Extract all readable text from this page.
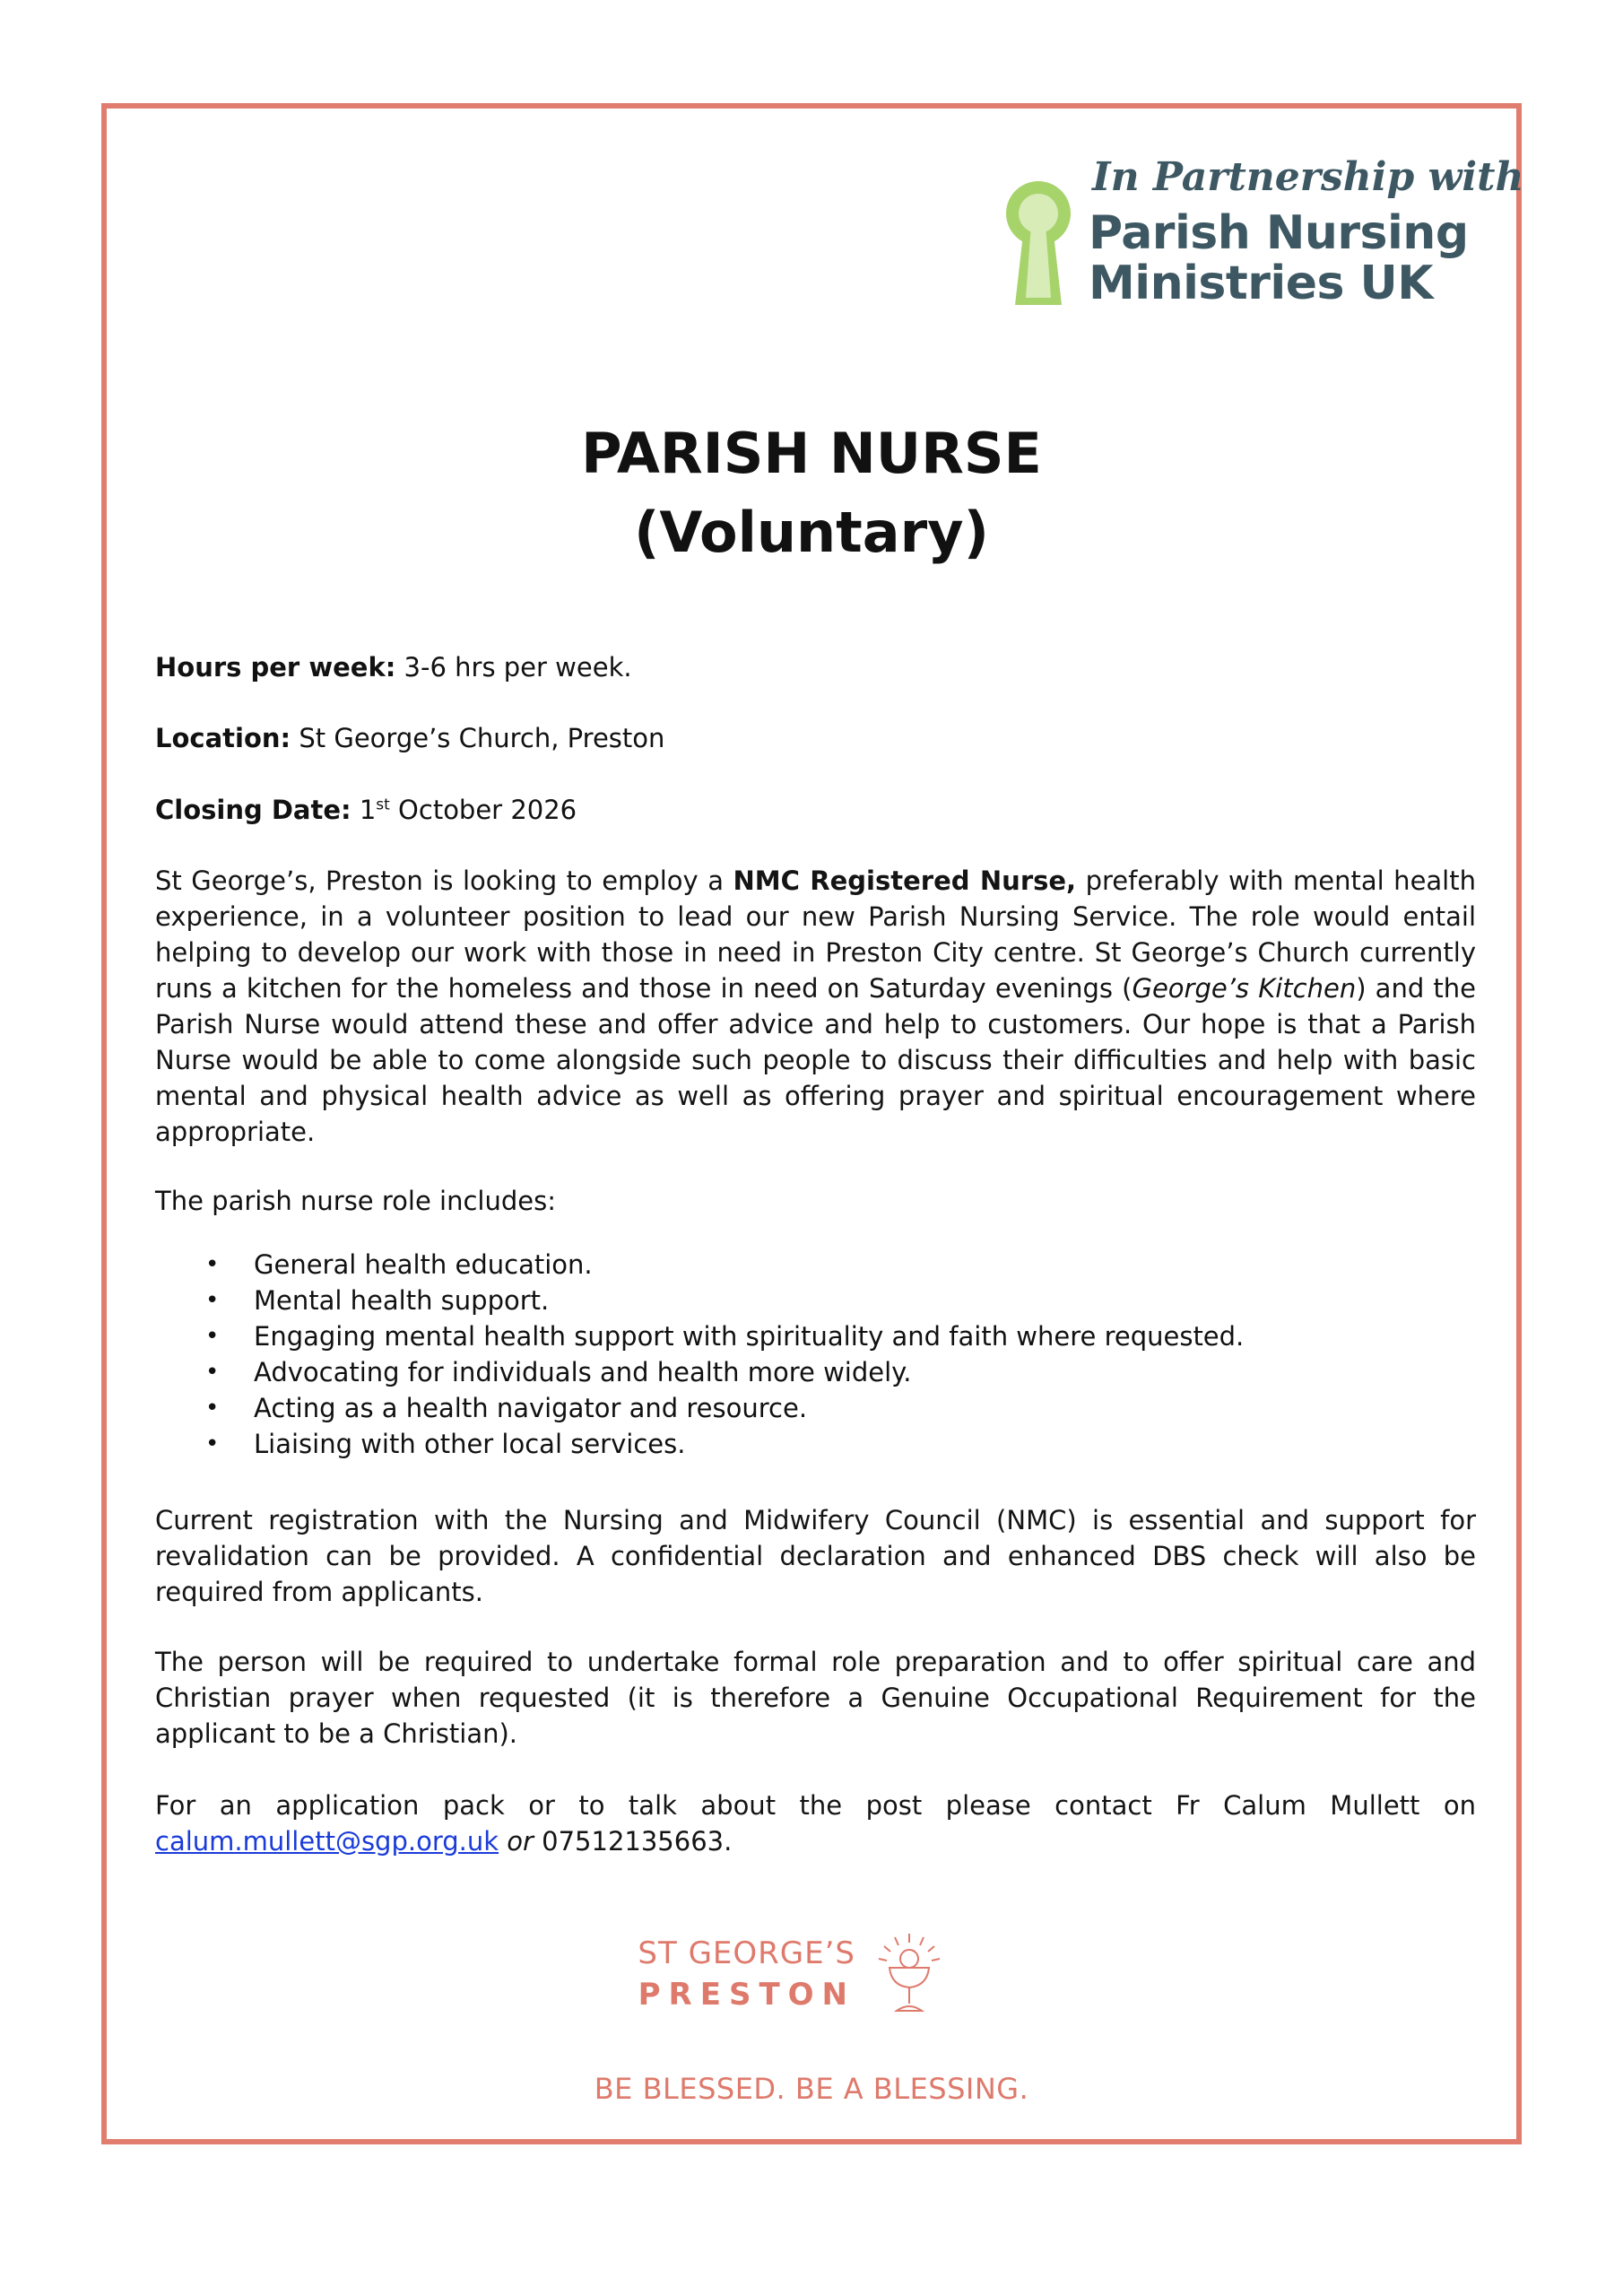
In Partnership with
Parish Nursing
Ministries UK
PARISH NURSE
(Voluntary)
Hours per week: 3-6 hrs per week.
Location: St George’s Church, Preston
Closing Date: 1st October 2026

St George’s, Preston is looking to employ a NMC Registered Nurse, preferably with mental health experience, in a volunteer position to lead our new Parish Nursing Service. The role would entail helping to develop our work with those in need in Preston City centre. St George’s Church currently runs a kitchen for the homeless and those in need on Saturday evenings (George’s Kitchen) and the Parish Nurse would attend these and offer advice and help to customers. Our hope is that a Parish Nurse would be able to come alongside such people to discuss their difficulties and help with basic mental and physical health advice as well as offering prayer and spiritual encouragement where appropriate.

The parish nurse role includes:
• General health education.
• Mental health support.
• Engaging mental health support with spirituality and faith where requested.
• Advocating for individuals and health more widely.
• Acting as a health navigator and resource.
• Liaising with other local services.

Current registration with the Nursing and Midwifery Council (NMC) is essential and support for revalidation can be provided. A confidential declaration and enhanced DBS check will also be required from applicants.

The person will be required to undertake formal role preparation and to offer spiritual care and Christian prayer when requested (it is therefore a Genuine Occupational Requirement for the applicant to be a Christian).

For an application pack or to talk about the post please contact Fr Calum Mullett on calum.mullett@sgp.org.uk or 07512135663.

ST GEORGE’S
PRESTON
BE BLESSED. BE A BLESSING.
